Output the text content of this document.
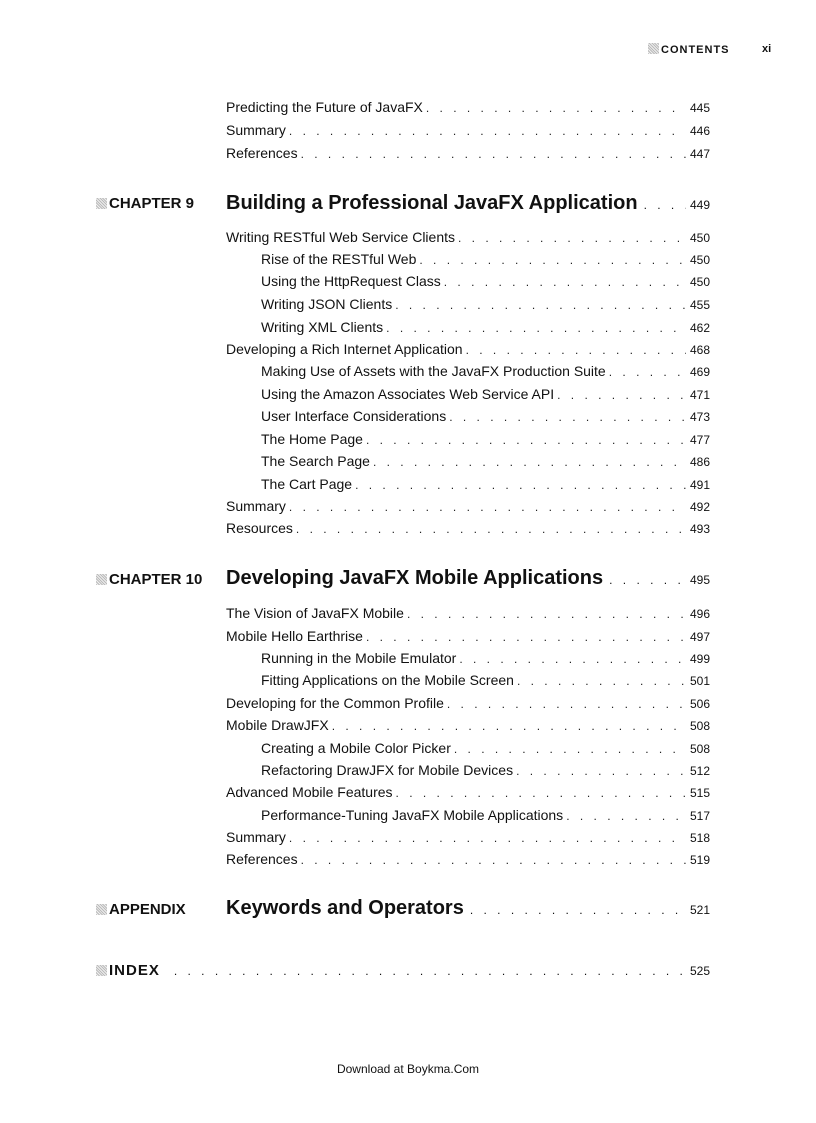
CONTENTS	xi
Predicting the Future of JavaFX . . .	445
Summary . . .	446
References . . .	447
CHAPTER 9 Building a Professional JavaFX Application . . .	449
Writing RESTful Web Service Clients . . .	450
Rise of the RESTful Web . . .	450
Using the HttpRequest Class . . .	450
Writing JSON Clients . . .	455
Writing XML Clients . . .	462
Developing a Rich Internet Application . . .	468
Making Use of Assets with the JavaFX Production Suite . . .	469
Using the Amazon Associates Web Service API . . .	471
User Interface Considerations . . .	473
The Home Page . . .	477
The Search Page . . .	486
The Cart Page . . .	491
Summary . . .	492
Resources . . .	493
CHAPTER 10 Developing JavaFX Mobile Applications . . .	495
The Vision of JavaFX Mobile . . .	496
Mobile Hello Earthrise . . .	497
Running in the Mobile Emulator . . .	499
Fitting Applications on the Mobile Screen . . .	501
Developing for the Common Profile . . .	506
Mobile DrawJFX . . .	508
Creating a Mobile Color Picker . . .	508
Refactoring DrawJFX for Mobile Devices . . .	512
Advanced Mobile Features . . .	515
Performance-Tuning JavaFX Mobile Applications . . .	517
Summary . . .	518
References . . .	519
APPENDIX Keywords and Operators . . .	521
INDEX . . .	525
Download at Boykma.Com
